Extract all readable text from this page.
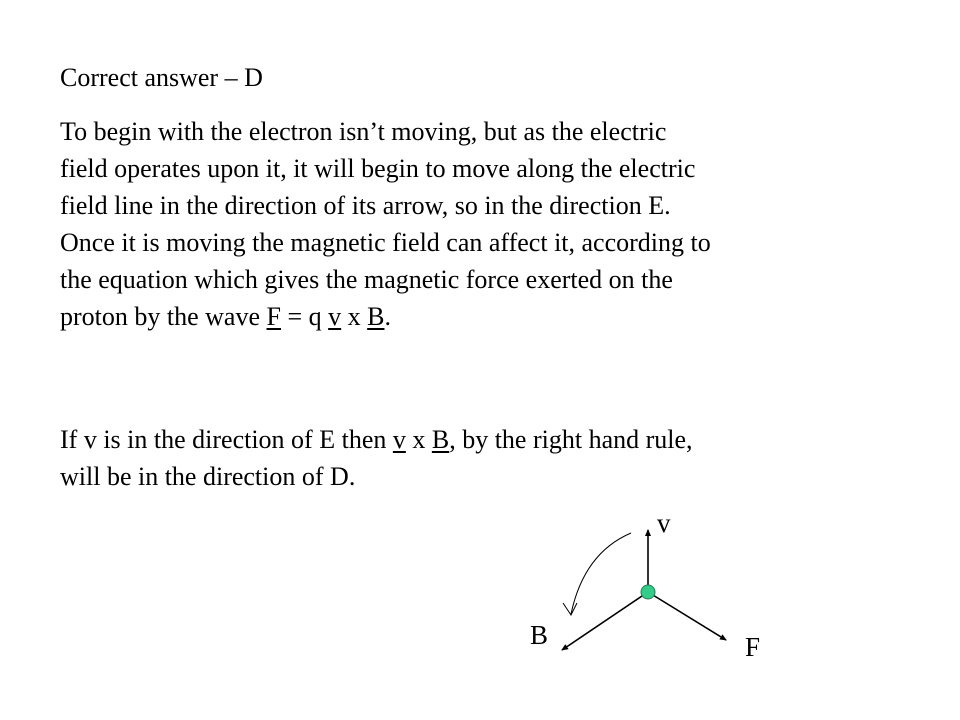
Correct answer – D
To begin with the electron isn’t moving, but as the electric
field operates upon it, it will begin to move along the electric
field line in the direction of its arrow, so in the direction E.
Once it is moving the magnetic field can affect it, according to
the equation which gives the magnetic force exerted on the
proton by the wave F = q v x B.
If v is in the direction of E then v x B, by the right hand rule,
will be in the direction of D.
v
B	F
